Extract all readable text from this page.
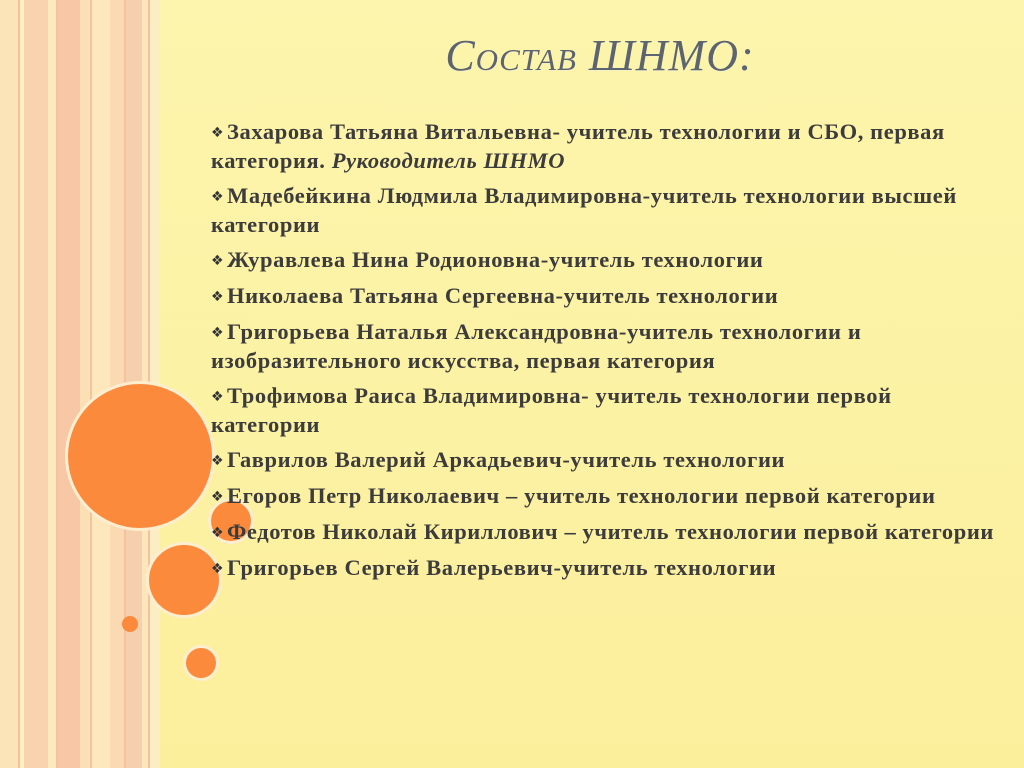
Состав ШНМО:
❖ Захарова Татьяна Витальевна- учитель технологии и СБО, первая категория. Руководитель ШНМО
❖ Мадебейкина Людмила Владимировна-учитель технологии высшей категории
❖ Журавлева Нина Родионовна-учитель технологии
❖ Николаева Татьяна Сергеевна-учитель технологии
❖ Григорьева Наталья Александровна-учитель технологии и изобразительного искусства, первая категория
❖ Трофимова Раиса Владимировна- учитель технологии первой категории
❖ Гаврилов Валерий Аркадьевич-учитель технологии
❖ Егоров Петр Николаевич – учитель технологии первой категории
❖ Федотов Николай Кириллович – учитель технологии первой категории
❖ Григорьев Сергей Валерьевич-учитель технологии
